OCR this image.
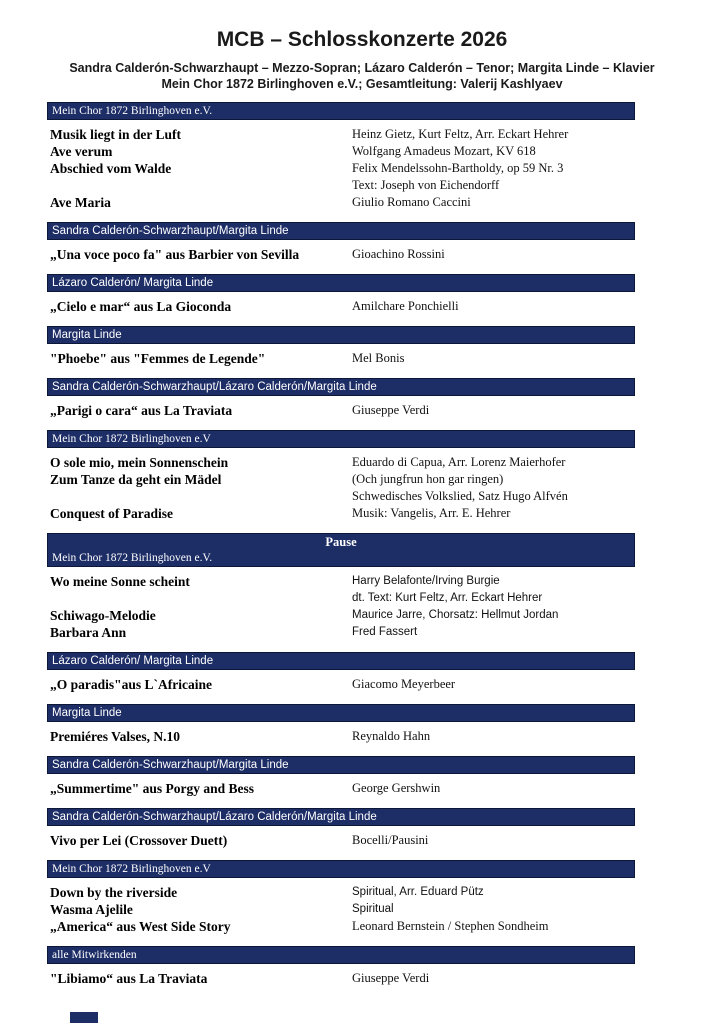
MCB – Schlosskonzerte 2026
Sandra Calderón-Schwarzhaupt – Mezzo-Sopran; Lázaro Calderón – Tenor; Margita Linde – Klavier
Mein Chor 1872 Birlinghoven e.V.; Gesamtleitung: Valerij Kashlyaev
Mein Chor 1872 Birlinghoven e.V.
Musik liegt in der Luft	Heinz Gietz, Kurt Feltz, Arr. Eckart Hehrer
Ave verum	Wolfgang Amadeus Mozart, KV 618
Abschied vom Walde	Felix Mendelssohn-Bartholdy, op 59 Nr. 3
Text: Joseph von Eichendorff
Ave Maria	Giulio Romano Caccini
Sandra Calderón-Schwarzhaupt/Margita Linde
„Una voce poco fa" aus Barbier von Sevilla	Gioachino Rossini
Lázaro Calderón/ Margita Linde
„Cielo e mar“ aus La Gioconda	Amilchare Ponchielli
Margita Linde
"Phoebe" aus "Femmes de Legende"	Mel Bonis
Sandra Calderón-Schwarzhaupt/Lázaro Calderón/Margita Linde
„Parigi o cara“ aus La Traviata	Giuseppe Verdi
Mein Chor 1872 Birlinghoven e.V
O sole mio, mein Sonnenschein	Eduardo di Capua, Arr. Lorenz Maierhofer
Zum Tanze da geht ein Mädel	(Och jungfrun hon gar ringen)
Schwedisches Volkslied, Satz Hugo Alfvén
Conquest of Paradise	Musik: Vangelis, Arr. E. Hehrer
Pause
Mein Chor 1872 Birlinghoven e.V.
Wo meine Sonne scheint	Harry Belafonte/Irving Burgie
dt. Text: Kurt Feltz, Arr. Eckart Hehrer
Schiwago-Melodie	Maurice Jarre, Chorsatz: Hellmut Jordan
Barbara Ann	Fred Fassert
Lázaro Calderón/ Margita Linde
„O paradis"aus L`Africaine	Giacomo Meyerbeer
Margita Linde
Premiéres Valses, N.10	Reynaldo Hahn
Sandra Calderón-Schwarzhaupt/Margita Linde
„Summertime" aus Porgy and Bess	George Gershwin
Sandra Calderón-Schwarzhaupt/Lázaro Calderón/Margita Linde
Vivo per Lei (Crossover Duett)	Bocelli/Pausini
Mein Chor 1872 Birlinghoven e.V
Down by the riverside	Spiritual, Arr. Eduard Pütz
Wasma Ajelile	Spiritual
„America“ aus West Side Story	Leonard Bernstein / Stephen Sondheim
alle Mitwirkenden
"Libiamo“ aus La Traviata	Giuseppe Verdi
